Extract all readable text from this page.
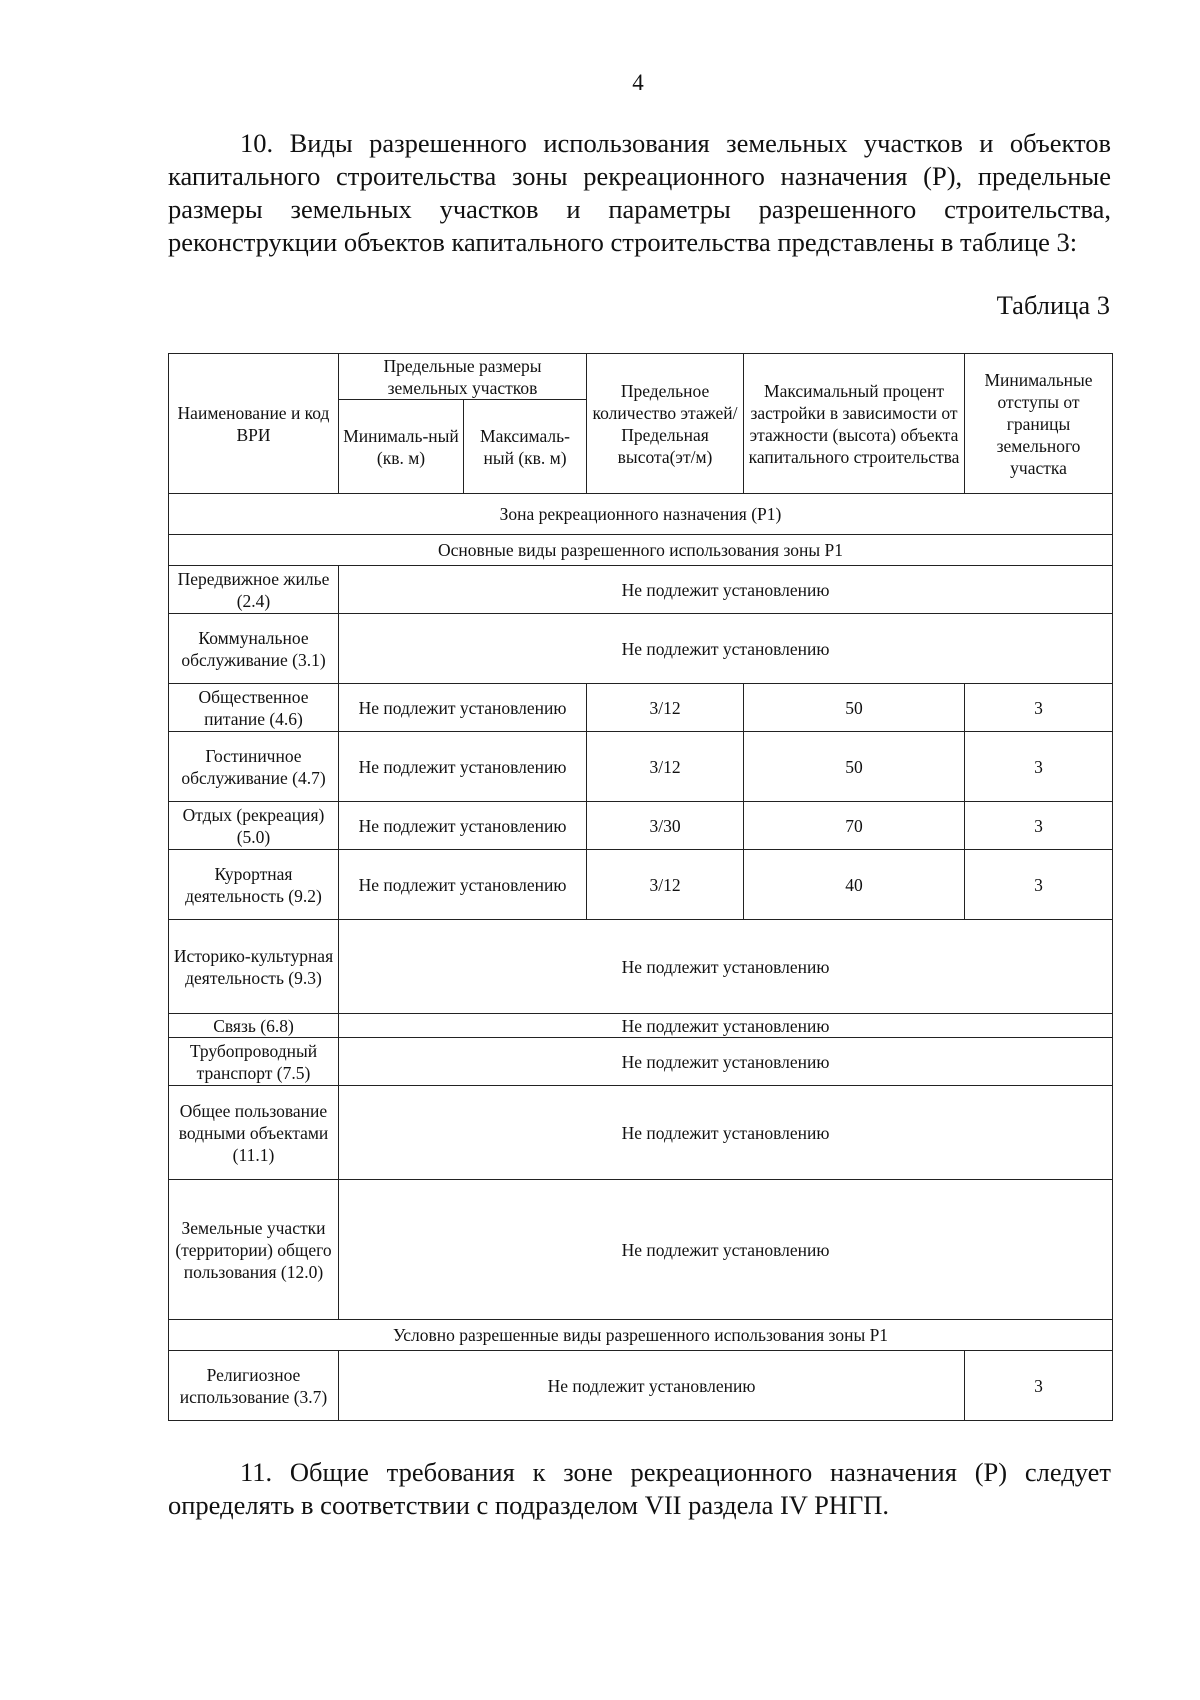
4
10. Виды разрешенного использования земельных участков и объектов капитального строительства зоны рекреационного назначения (Р), предельные размеры земельных участков и параметры разрешенного строительства, реконструкции объектов капитального строительства представлены в таблице 3:
Таблица 3
Наименование и код ВРИ	Предельные размеры земельных участков		Предельное количество этажей/ Предельная высота(эт/м)	Максимальный процент застройки в зависимости от этажности (высота) объекта капитального строительства	Минимальные отступы от границы земельного участка
	Минималь-ный (кв. м)	Максималь-ный (кв. м)			
Зона рекреационного назначения (Р1)					
Основные виды разрешенного использования зоны Р1					
Передвижное жилье (2.4)	Не подлежит установлению				
Коммунальное обслуживание (3.1)	Не подлежит установлению				
Общественное питание (4.6)	Не подлежит установлению		3/12	50	3
Гостиничное обслуживание (4.7)	Не подлежит установлению		3/12	50	3
Отдых (рекреация) (5.0)	Не подлежит установлению		3/30	70	3
Курортная деятельность (9.2)	Не подлежит установлению		3/12	40	3
Историко-культурная деятельность (9.3)	Не подлежит установлению				
Связь (6.8)	Не подлежит установлению				
Трубопроводный транспорт (7.5)	Не подлежит установлению				
Общее пользование водными объектами (11.1)	Не подлежит установлению				
Земельные участки (территории) общего пользования (12.0)	Не подлежит установлению				
Условно разрешенные виды разрешенного использования зоны Р1					
Религиозное использование (3.7)	Не подлежит установлению				3
11. Общие требования к зоне рекреационного назначения (Р) следует определять в соответствии с подразделом VII раздела IV РНГП.
